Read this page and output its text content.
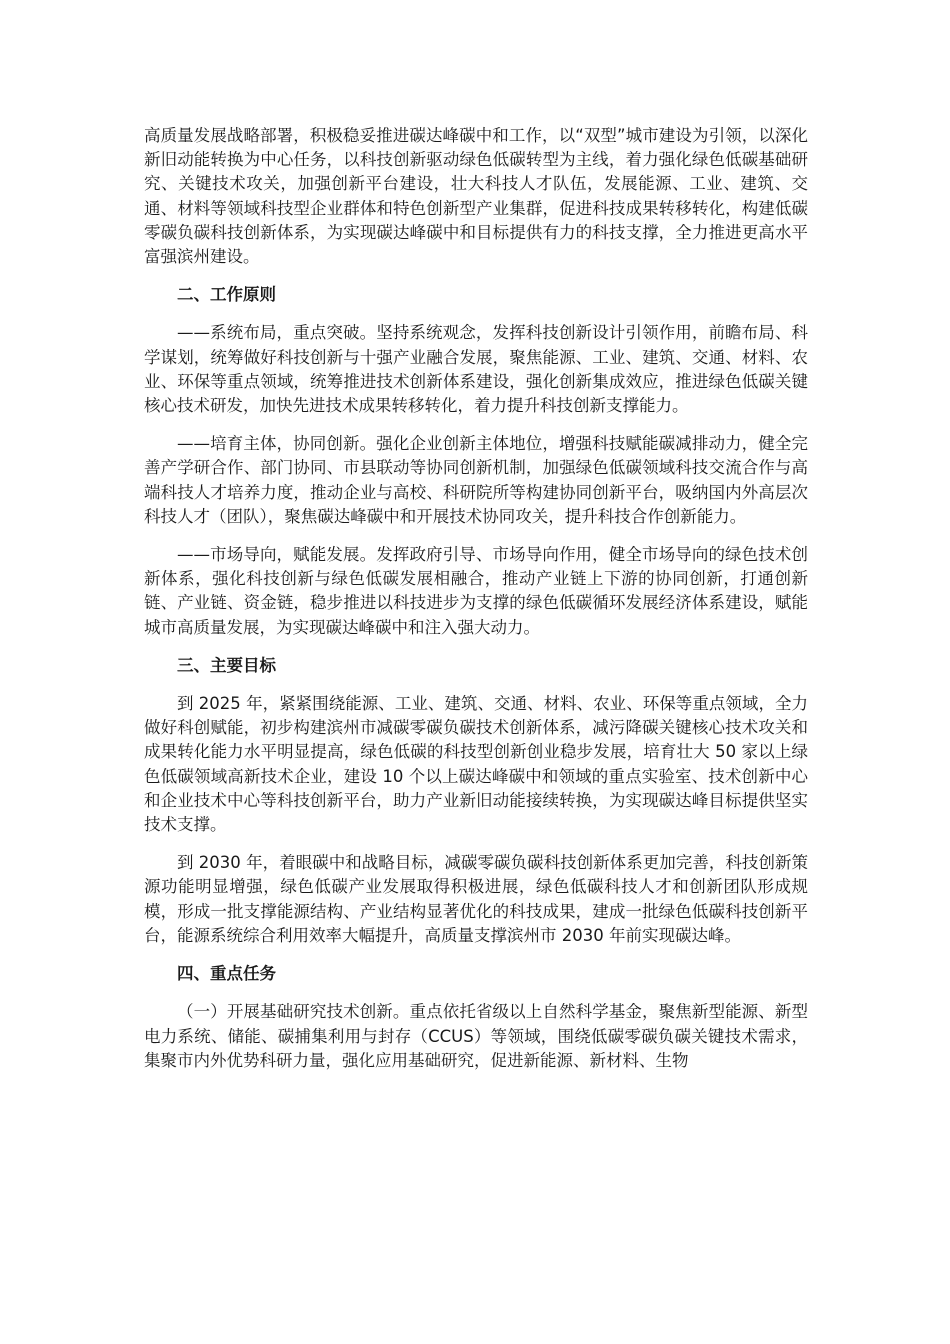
高质量发展战略部署，积极稳妥推进碳达峰碳中和工作，以“双型”城市建设为引领，以深化新旧动能转换为中心任务，以科技创新驱动绿色低碳转型为主线，着力强化绿色低碳基础研究、关键技术攻关，加强创新平台建设，壮大科技人才队伍，发展能源、工业、建筑、交通、材料等领域科技型企业群体和特色创新型产业集群，促进科技成果转移转化，构建低碳零碳负碳科技创新体系，为实现碳达峰碳中和目标提供有力的科技支撑，全力推进更高水平富强滨州建设。

二、工作原则

——系统布局，重点突破。坚持系统观念，发挥科技创新设计引领作用，前瞻布局、科学谋划，统筹做好科技创新与十强产业融合发展，聚焦能源、工业、建筑、交通、材料、农业、环保等重点领域，统筹推进技术创新体系建设，强化创新集成效应，推进绿色低碳关键核心技术研发，加快先进技术成果转移转化，着力提升科技创新支撑能力。

——培育主体，协同创新。强化企业创新主体地位，增强科技赋能碳减排动力，健全完善产学研合作、部门协同、市县联动等协同创新机制，加强绿色低碳领域科技交流合作与高端科技人才培养力度，推动企业与高校、科研院所等构建协同创新平台，吸纳国内外高层次科技人才（团队），聚焦碳达峰碳中和开展技术协同攻关，提升科技合作创新能力。

——市场导向，赋能发展。发挥政府引导、市场导向作用，健全市场导向的绿色技术创新体系，强化科技创新与绿色低碳发展相融合，推动产业链上下游的协同创新，打通创新链、产业链、资金链，稳步推进以科技进步为支撑的绿色低碳循环发展经济体系建设，赋能城市高质量发展，为实现碳达峰碳中和注入强大动力。

三、主要目标

到 2025 年，紧紧围绕能源、工业、建筑、交通、材料、农业、环保等重点领域，全力做好科创赋能，初步构建滨州市减碳零碳负碳技术创新体系，减污降碳关键核心技术攻关和成果转化能力水平明显提高，绿色低碳的科技型创新创业稳步发展，培育壮大 50 家以上绿色低碳领域高新技术企业，建设 10 个以上碳达峰碳中和领域的重点实验室、技术创新中心和企业技术中心等科技创新平台，助力产业新旧动能接续转换，为实现碳达峰目标提供坚实技术支撑。

到 2030 年，着眼碳中和战略目标，减碳零碳负碳科技创新体系更加完善，科技创新策源功能明显增强，绿色低碳产业发展取得积极进展，绿色低碳科技人才和创新团队形成规模，形成一批支撑能源结构、产业结构显著优化的科技成果，建成一批绿色低碳科技创新平台，能源系统综合利用效率大幅提升，高质量支撑滨州市 2030 年前实现碳达峰。

四、重点任务

（一）开展基础研究技术创新。重点依托省级以上自然科学基金，聚焦新型能源、新型电力系统、储能、碳捕集利用与封存（CCUS）等领域，围绕低碳零碳负碳关键技术需求，集聚市内外优势科研力量，强化应用基础研究，促进新能源、新材料、生物
